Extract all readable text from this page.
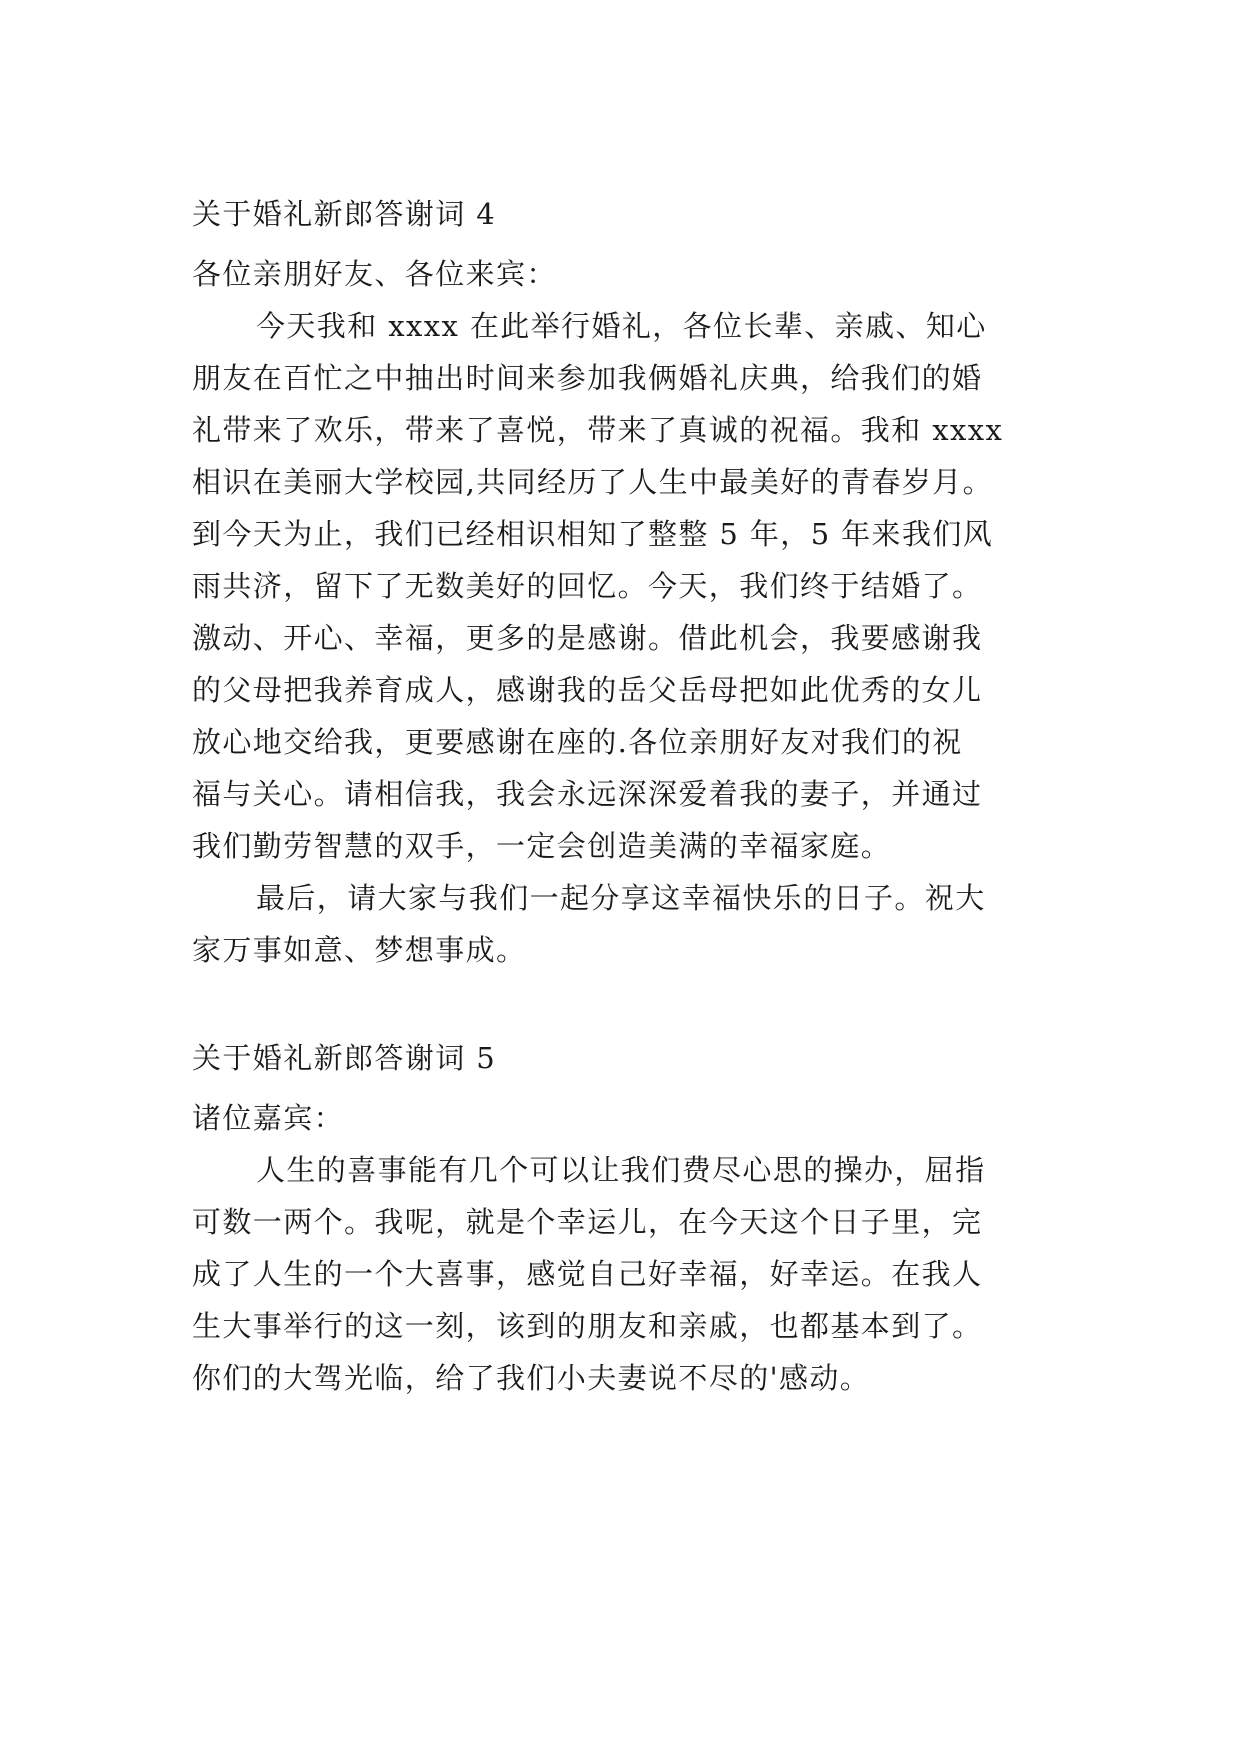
关于婚礼新郎答谢词 4
各位亲朋好友、各位来宾：
今天我和 xxxx 在此举行婚礼，各位长辈、亲戚、知心
朋友在百忙之中抽出时间来参加我俩婚礼庆典，给我们的婚
礼带来了欢乐，带来了喜悦，带来了真诚的祝福。我和 xxxx
相识在美丽大学校园,共同经历了人生中最美好的青春岁月。
到今天为止，我们已经相识相知了整整 5 年，5 年来我们风
雨共济，留下了无数美好的回忆。今天，我们终于结婚了。
激动、开心、幸福，更多的是感谢。借此机会，我要感谢我
的父母把我养育成人，感谢我的岳父岳母把如此优秀的女儿
放心地交给我，更要感谢在座的.各位亲朋好友对我们的祝
福与关心。请相信我，我会永远深深爱着我的妻子，并通过
我们勤劳智慧的双手，一定会创造美满的幸福家庭。
最后，请大家与我们一起分享这幸福快乐的日子。祝大
家万事如意、梦想事成。
关于婚礼新郎答谢词 5
诸位嘉宾：
人生的喜事能有几个可以让我们费尽心思的操办，屈指
可数一两个。我呢，就是个幸运儿，在今天这个日子里，完
成了人生的一个大喜事，感觉自己好幸福，好幸运。在我人
生大事举行的这一刻，该到的朋友和亲戚，也都基本到了。
你们的大驾光临，给了我们小夫妻说不尽的'感动。
